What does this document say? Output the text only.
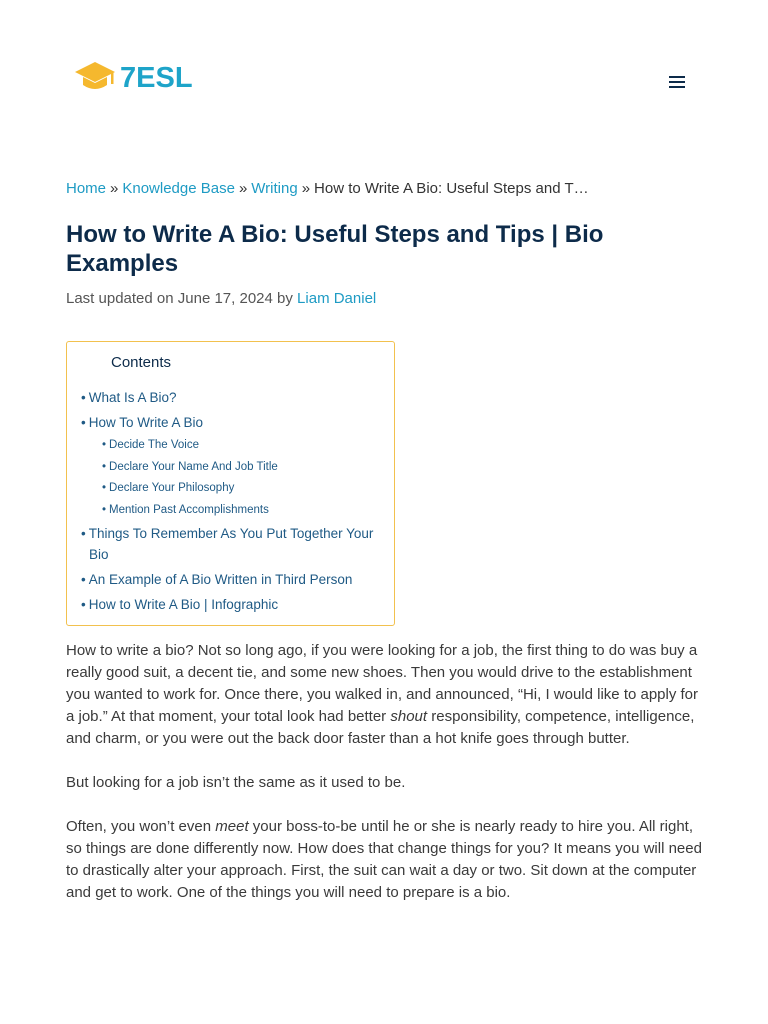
7ESL
Home » Knowledge Base » Writing » How to Write A Bio: Useful Steps and T…
How to Write A Bio: Useful Steps and Tips | Bio Examples
Last updated on June 17, 2024 by Liam Daniel
Contents
• What Is A Bio?
• How To Write A Bio
• Decide The Voice
• Declare Your Name And Job Title
• Declare Your Philosophy
• Mention Past Accomplishments
• Things To Remember As You Put Together Your Bio
• An Example of A Bio Written in Third Person
• How to Write A Bio | Infographic

How to write a bio? Not so long ago, if you were looking for a job, the first thing to do was buy a really good suit, a decent tie, and some new shoes. Then you would drive to the establishment you wanted to work for. Once there, you walked in, and announced, “Hi, I would like to apply for a job.” At that moment, your total look had better shout responsibility, competence, intelligence, and charm, or you were out the back door faster than a hot knife goes through butter.

But looking for a job isn’t the same as it used to be.

Often, you won’t even meet your boss-to-be until he or she is nearly ready to hire you. All right, so things are done differently now. How does that change things for you? It means you will need to drastically alter your approach. First, the suit can wait a day or two. Sit down at the computer and get to work. One of the things you will need to prepare is a bio.
